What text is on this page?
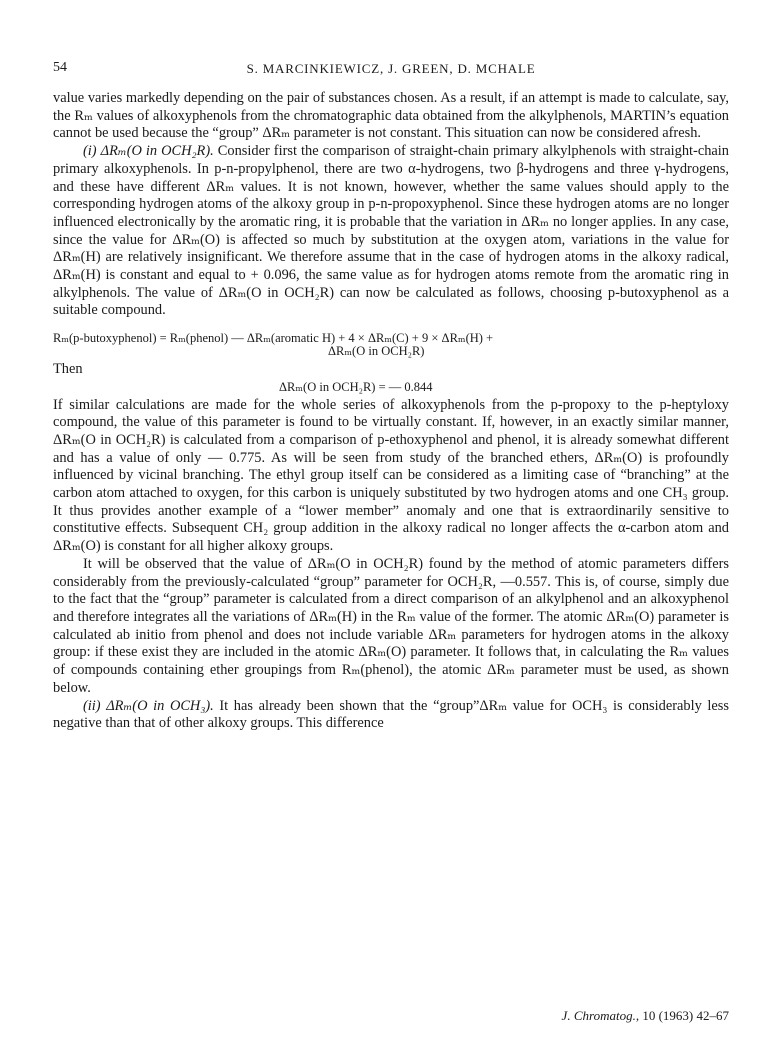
54	S. MARCINKIEWICZ, J. GREEN, D. MCHALE

value varies markedly depending on the pair of substances chosen. As a result, if an attempt is made to calculate, say, the Rₘ values of alkoxyphenols from the chromatographic data obtained from the alkylphenols, MARTIN’s equation cannot be used because the “group” ΔRₘ parameter is not constant. This situation can now be considered afresh.

(i) ΔRₘ(O in OCH₂R). Consider first the comparison of straight-chain primary alkylphenols with straight-chain primary alkoxyphenols. In p-n-propylphenol, there are two α-hydrogens, two β-hydrogens and three γ-hydrogens, and these have different ΔRₘ values. It is not known, however, whether the same values should apply to the corresponding hydrogen atoms of the alkoxy group in p-n-propoxyphenol. Since these hydrogen atoms are no longer influenced electronically by the aromatic ring, it is probable that the variation in ΔRₘ no longer applies. In any case, since the value for ΔRₘ(O) is affected so much by substitution at the oxygen atom, variations in the value for ΔRₘ(H) are relatively insignificant. We therefore assume that in the case of hydrogen atoms in the alkoxy radical, ΔRₘ(H) is constant and equal to + 0.096, the same value as for hydrogen atoms remote from the aromatic ring in alkylphenols. The value of ΔRₘ(O in OCH₂R) can now be calculated as follows, choosing p-butoxyphenol as a suitable compound.

Rₘ(p-butoxyphenol) = Rₘ(phenol) — ΔRₘ(aromatic H) + 4 × ΔRₘ(C) + 9 × ΔRₘ(H) +
ΔRₘ(O in OCH₂R)

Then

ΔRₘ(O in OCH₂R) = — 0.844

If similar calculations are made for the whole series of alkoxyphenols from the p-propoxy to the p-heptyloxy compound, the value of this parameter is found to be virtually constant. If, however, in an exactly similar manner, ΔRₘ(O in OCH₂R) is calculated from a comparison of p-ethoxyphenol and phenol, it is already somewhat different and has a value of only — 0.775. As will be seen from study of the branched ethers, ΔRₘ(O) is profoundly influenced by vicinal branching. The ethyl group itself can be considered as a limiting case of “branching” at the carbon atom attached to oxygen, for this carbon is uniquely substituted by two hydrogen atoms and one CH₃ group. It thus provides another example of a “lower member” anomaly and one that is extraordinarily sensitive to constitutive effects. Subsequent CH₂ group addition in the alkoxy radical no longer affects the α-carbon atom and ΔRₘ(O) is constant for all higher alkoxy groups.

It will be observed that the value of ΔRₘ(O in OCH₂R) found by the method of atomic parameters differs considerably from the previously-calculated “group” parameter for OCH₂R, —0.557. This is, of course, simply due to the fact that the “group” parameter is calculated from a direct comparison of an alkylphenol and an alkoxyphenol and therefore integrates all the variations of ΔRₘ(H) in the Rₘ value of the former. The atomic ΔRₘ(O) parameter is calculated ab initio from phenol and does not include variable ΔRₘ parameters for hydrogen atoms in the alkoxy group: if these exist they are included in the atomic ΔRₘ(O) parameter. It follows that, in calculating the Rₘ values of compounds containing ether groupings from Rₘ(phenol), the atomic ΔRₘ parameter must be used, as shown below.

(ii) ΔRₘ(O in OCH₃). It has already been shown that the “group”ΔRₘ value for OCH₃ is considerably less negative than that of other alkoxy groups. This difference

J. Chromatog., 10 (1963) 42–67
